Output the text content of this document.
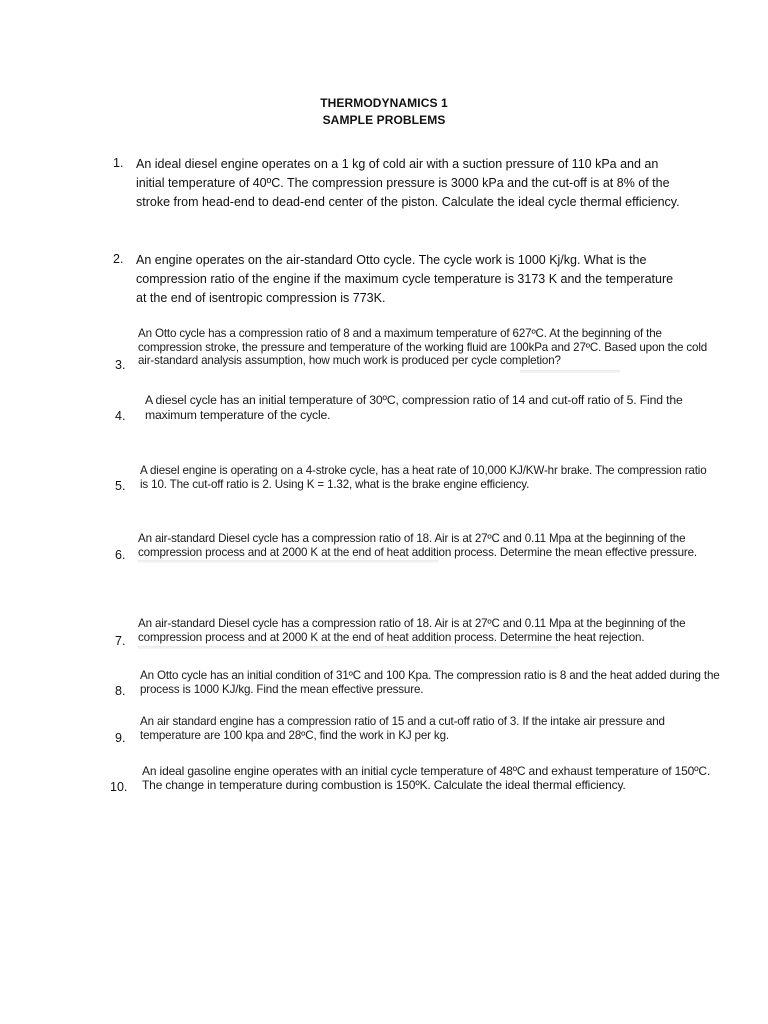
THERMODYNAMICS 1
SAMPLE PROBLEMS
1. An ideal diesel engine operates on a 1 kg of cold air with a suction pressure of 110 kPa and an initial temperature of 40ºC. The compression pressure is 3000 kPa and the cut-off is at 8% of the stroke from head-end to dead-end center of the piston. Calculate the ideal cycle thermal efficiency.
2. An engine operates on the air-standard Otto cycle. The cycle work is 1000 Kj/kg. What is the compression ratio of the engine if the maximum cycle temperature is 3173 K and the temperature at the end of isentropic compression is 773K.
3.
An Otto cycle has a compression ratio of 8 and a maximum temperature of 627ºC. At the beginning of the compression stroke, the pressure and temperature of the working fluid are 100kPa and 27ºC. Based upon the cold air-standard analysis assumption, how much work is produced per cycle completion?
4.
A diesel cycle has an initial temperature of 30ºC, compression ratio of 14 and cut-off ratio of 5. Find the maximum temperature of the cycle.
5.
A diesel engine is operating on a 4-stroke cycle, has a heat rate of 10,000 KJ/KW-hr brake. The compression ratio is 10. The cut-off ratio is 2. Using K = 1.32, what is the brake engine efficiency.
6.
An air-standard Diesel cycle has a compression ratio of 18. Air is at 27ºC and 0.11 Mpa at the beginning of the compression process and at 2000 K at the end of heat addition process. Determine the mean effective pressure.
7.
An air-standard Diesel cycle has a compression ratio of 18. Air is at 27ºC and 0.11 Mpa at the beginning of the compression process and at 2000 K at the end of heat addition process. Determine the heat rejection.
8.
An Otto cycle has an initial condition of 31ºC and 100 Kpa. The compression ratio is 8 and the heat added during the process is 1000 KJ/kg. Find the mean effective pressure.
9.
An air standard engine has a compression ratio of 15 and a cut-off ratio of 3. If the intake air pressure and temperature are 100 kpa and 28ºC, find the work in KJ per kg.
10.
An ideal gasoline engine operates with an initial cycle temperature of 48ºC and exhaust temperature of 150ºC. The change in temperature during combustion is 150ºK. Calculate the ideal thermal efficiency.
